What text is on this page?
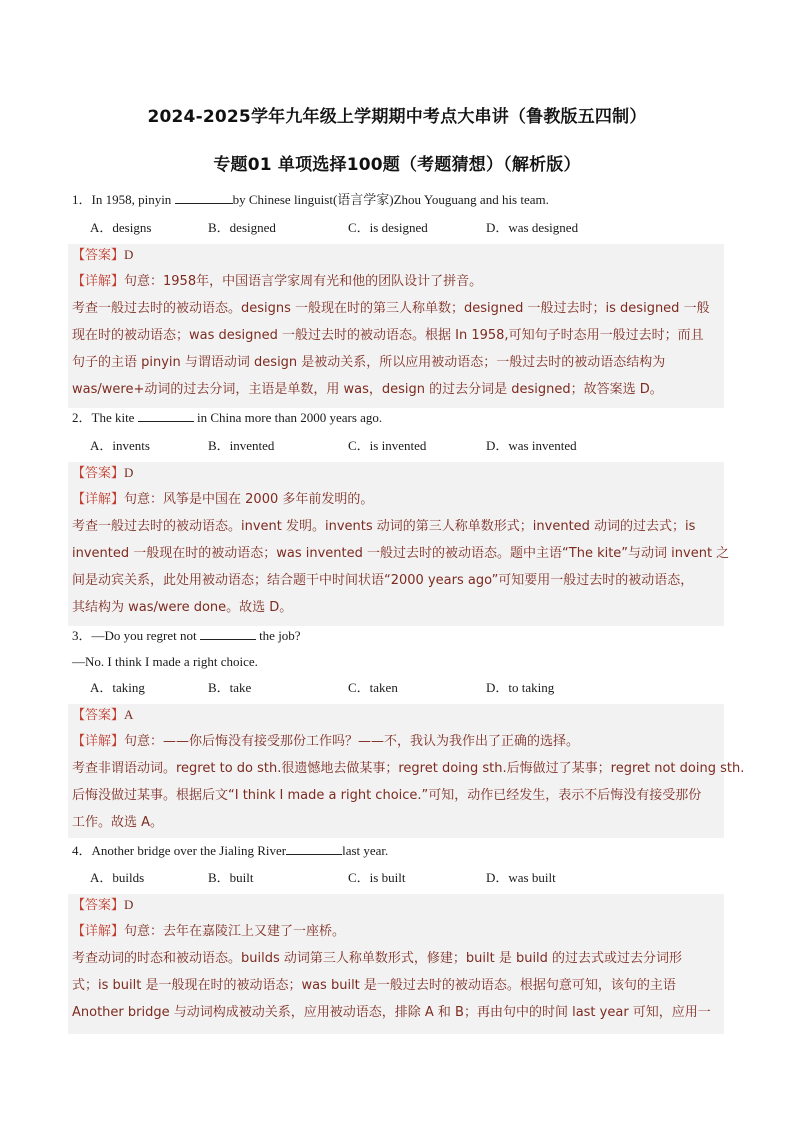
2024-2025学年九年级上学期期中考点大串讲（鲁教版五四制）
专题01 单项选择100题（考题猜想）（解析版）
1．In 1958, pinyin	by Chinese linguist(语言学家)Zhou Youguang and his team.
A．designs	B．designed	C．is designed	D．was designed
【答案】D
【详解】句意：1958年，中国语言学家周有光和他的团队设计了拼音。
考查一般过去时的被动语态。designs 一般现在时的第三人称单数；designed 一般过去时；is designed 一般
现在时的被动语态；was designed 一般过去时的被动语态。根据 In 1958,可知句子时态用一般过去时；而且
句子的主语 pinyin 与谓语动词 design 是被动关系，所以应用被动语态；一般过去时的被动语态结构为
was/were+动词的过去分词，主语是单数，用 was，design 的过去分词是 designed；故答案选 D。
2．The kite	in China more than 2000 years ago.
A．invents	B．invented	C．is invented	D．was invented
【答案】D
【详解】句意：风筝是中国在 2000 多年前发明的。
考查一般过去时的被动语态。invent 发明。invents 动词的第三人称单数形式；invented 动词的过去式；is
invented 一般现在时的被动语态；was invented 一般过去时的被动语态。题中主语“The kite”与动词 invent 之
间是动宾关系，此处用被动语态；结合题干中时间状语“2000 years ago”可知要用一般过去时的被动语态，
其结构为 was/were done。故选 D。
3．—Do you regret not	the job?
—No. I think I made a right choice.
A．taking	B．take	C．taken	D．to taking
【答案】A
【详解】句意：——你后悔没有接受那份工作吗？——不，我认为我作出了正确的选择。
考查非谓语动词。regret to do sth.很遗憾地去做某事；regret doing sth.后悔做过了某事；regret not doing sth.
后悔没做过某事。根据后文“I think I made a right choice.”可知，动作已经发生，表示不后悔没有接受那份
工作。故选 A。
4．Another bridge over the Jialing River	last year.
A．builds	B．built	C．is built	D．was built
【答案】D
【详解】句意：去年在嘉陵江上又建了一座桥。
考查动词的时态和被动语态。builds 动词第三人称单数形式，修建；built 是 build 的过去式或过去分词形
式；is built 是一般现在时的被动语态；was built 是一般过去时的被动语态。根据句意可知，该句的主语
Another bridge 与动词构成被动关系，应用被动语态，排除 A 和 B；再由句中的时间 last year 可知，应用一
